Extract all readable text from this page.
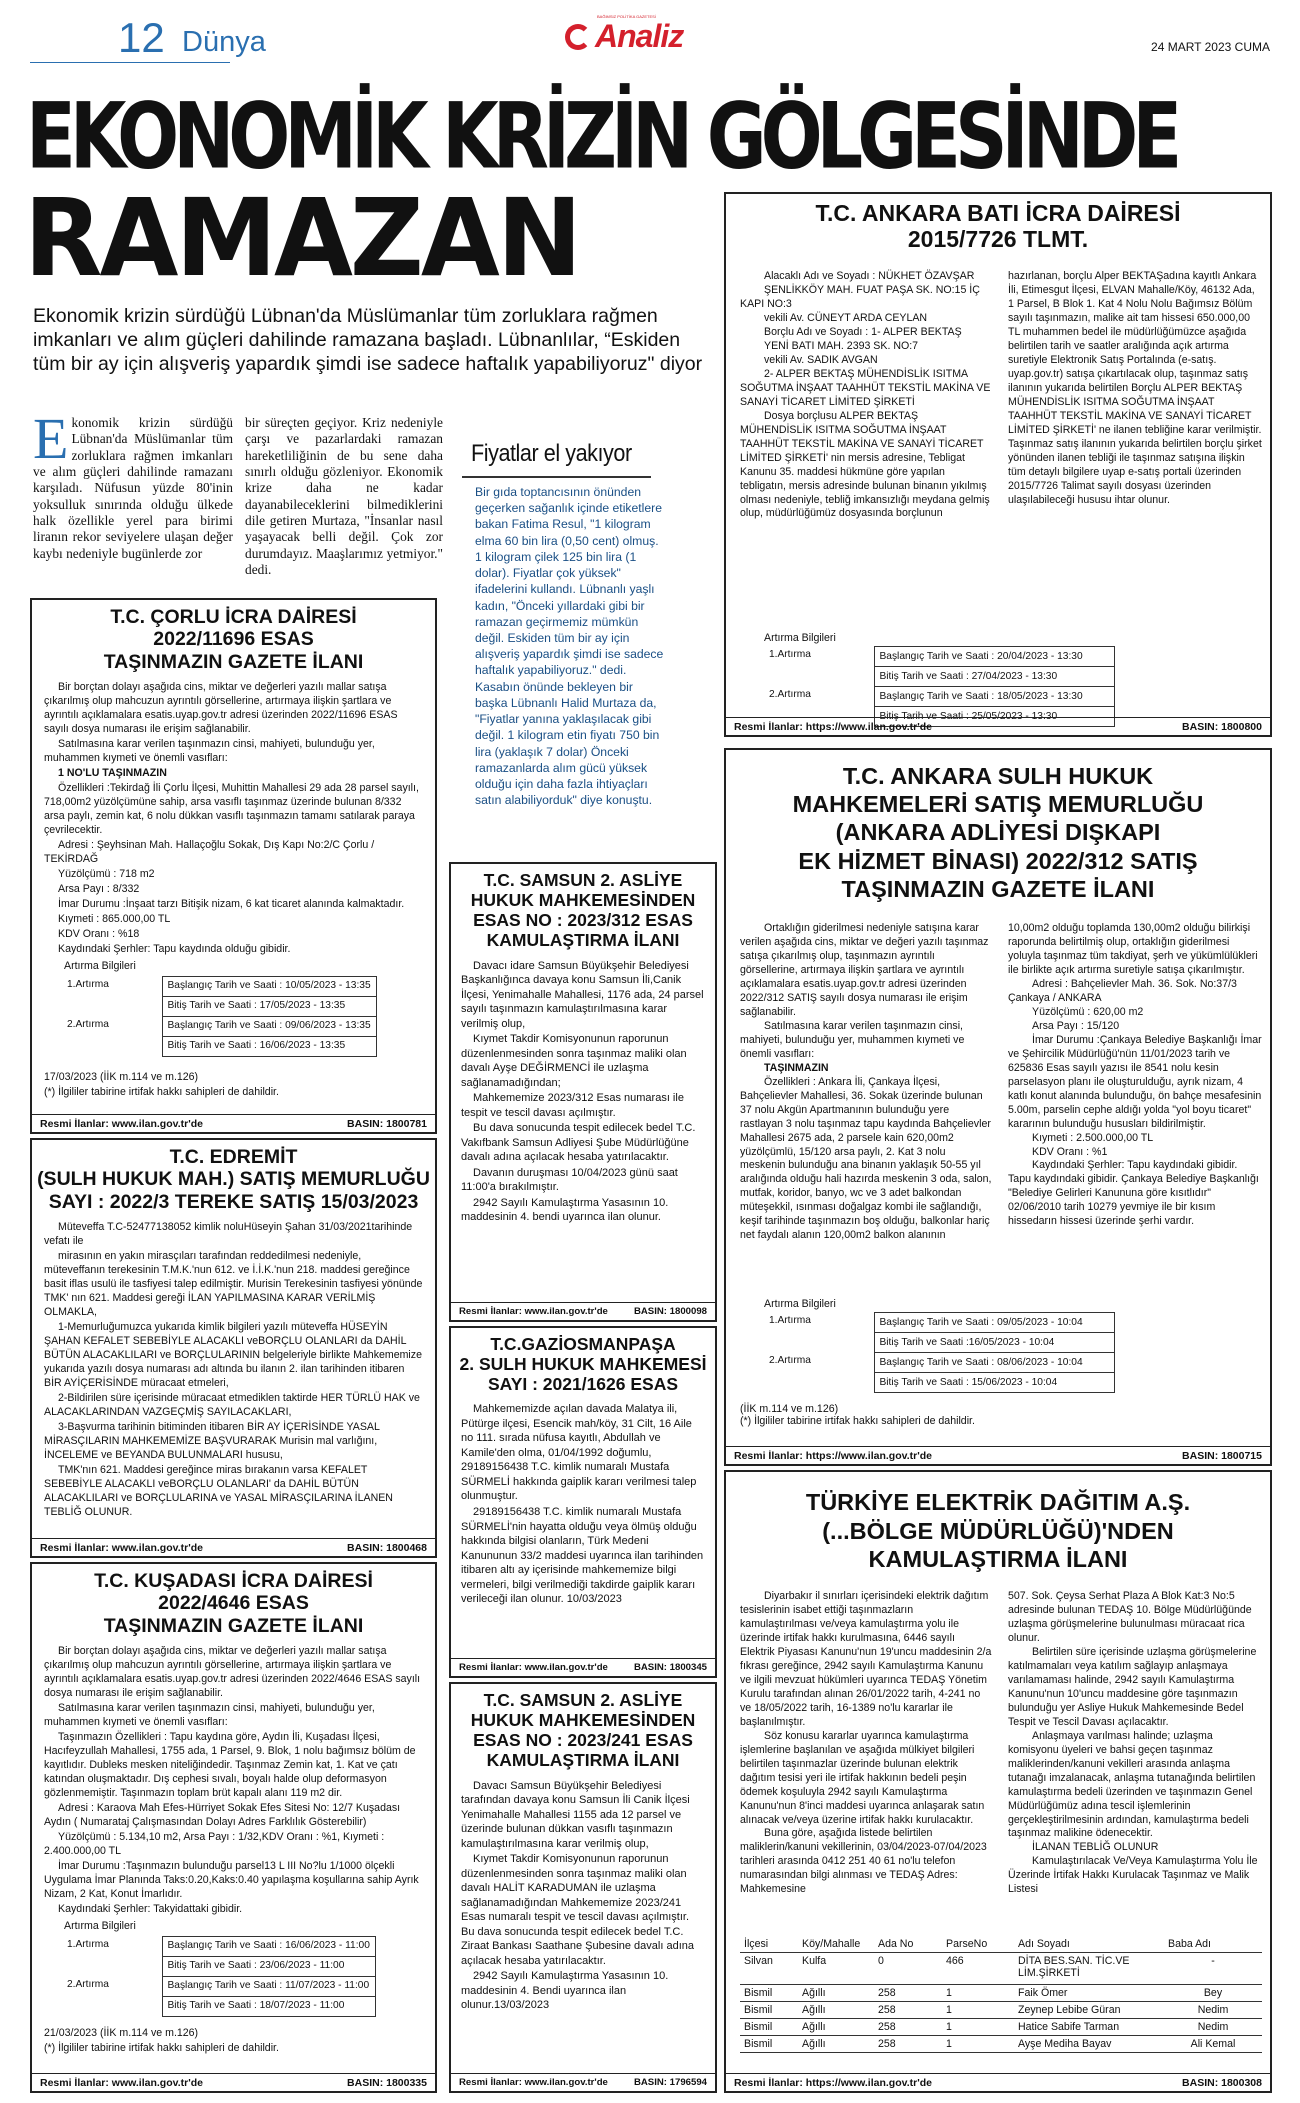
12 Dünya
BAĞIMSIZ POLİTİKA GAZETESİ
Analiz	24 MART 2023 CUMA
EKONOMİK KRİZİN GÖLGESİNDE
RAMAZAN
Ekonomik krizin sürdüğü Lübnan'da Müslümanlar tüm zorluklara rağmen imkanları ve alım güçleri dahilinde ramazana başladı. Lübnanlılar, “Eskiden tüm bir ay için alışveriş yapardık şimdi ise sadece haftalık yapabiliyoruz" diyor
Ekonomik krizin sürdüğü Lübnan'da Müslümanlar tüm zorluklara rağmen imkanları ve alım güçleri dahilinde ramazanı karşıladı. Nüfusun yüzde 80'inin yoksulluk sınırında olduğu ülkede halk özellikle yerel para birimi liranın rekor seviyelere ulaşan değer kaybı nedeniyle bugünlerde zor
bir süreçten geçiyor. Kriz nedeniyle çarşı ve pazarlardaki ramazan hareketliliğinin de bu sene daha sınırlı olduğu gözleniyor. Ekonomik krize daha ne kadar dayanabileceklerini bilmediklerini dile getiren Murtaza, "İnsanlar nasıl yaşayacak belli değil. Çok zor durumdayız. Maaşlarımız yetmiyor." dedi.
Fiyatlar el yakıyor
Bir gıda toptancısının önünden geçerken sağanlık içinde etiketlere bakan Fatima Resul, "1 kilogram elma 60 bin lira (0,50 cent) olmuş. 1 kilogram çilek 125 bin lira (1 dolar). Fiyatlar çok yüksek" ifadelerini kullandı. Lübnanlı yaşlı kadın, "Önceki yıllardaki gibi bir ramazan geçirmemiz mümkün değil. Eskiden tüm bir ay için alışveriş yapardık şimdi ise sadece haftalık yapabiliyoruz." dedi. Kasabın önünde bekleyen bir başka Lübnanlı Halid Murtaza da, "Fiyatlar yanına yaklaşılacak gibi değil. 1 kilogram etin fiyatı 750 bin lira (yaklaşık 7 dolar) Önceki ramazanlarda alım gücü yüksek olduğu için daha fazla ihtiyaçları satın alabiliyorduk" diye konuştu.
T.C. ÇORLU İCRA DAİRESİ
2022/11696 ESAS
TAŞINMAZIN GAZETE İLANI

Bir borçtan dolayı aşağıda cins, miktar ve değerleri yazılı mallar satışa çıkarılmış olup mahcuzun ayrıntılı görsellerine, artırmaya ilişkin şartlara ve ayrıntılı açıklamalara esatis.uyap.gov.tr adresi üzerinden 2022/11696 ESAS sayılı dosya numarası ile erişim sağlanabilir.

Satılmasına karar verilen taşınmazın cinsi, mahiyeti, bulunduğu yer, muhammen kıymeti ve önemli vasıfları:

1 NO'LU TAŞINMAZIN

Özellikleri :Tekirdağ İli Çorlu İlçesi, Muhittin Mahallesi 29 ada 28 parsel sayılı, 718,00m2 yüzölçümüne sahip, arsa vasıflı taşınmaz üzerinde bulunan 8/332 arsa paylı, zemin kat, 6 nolu dükkan vasıflı taşınmazın tamamı satılarak paraya çevrilecektir.

Adresi : Şeyhsinan Mah. Hallaçoğlu Sokak, Dış Kapı No:2/C Çorlu / TEKİRDAĞ

Yüzölçümü : 718 m2

Arsa Payı : 8/332

İmar Durumu :İnşaat tarzı Bitişik nizam, 6 kat ticaret alanında kalmaktadır.

Kıymeti : 865.000,00 TL

KDV Oranı : %18

Kaydındaki Şerhler: Tapu kaydında olduğu gibidir.

Artırma Bilgileri

1.Artırma	Başlangıç Tarih ve Saati : 10/05/2023 - 13:35
	Bitiş Tarih ve Saati : 17/05/2023 - 13:35
2.Artırma	Başlangıç Tarih ve Saati : 09/06/2023 - 13:35
	Bitiş Tarih ve Saati : 16/06/2023 - 13:35

17/03/2023 (İİK m.114 ve m.126)

(*) İlgililer tabirine irtifak hakkı sahipleri de dahildir.

Resmi İlanlar: www.ilan.gov.tr'de	BASIN: 1800781
T.C. EDREMİT
(SULH HUKUK MAH.) SATIŞ MEMURLUĞU
SAYI : 2022/3 TEREKE SATIŞ 15/03/2023

Müteveffa T.C-52477138052 kimlik noluHüseyin Şahan 31/03/2021tarihinde vefatı ile

mirasının en yakın mirasçıları tarafından reddedilmesi nedeniyle, müteveffanın terekesinin T.M.K.'nun 612. ve İ.İ.K.'nun 218. maddesi gereğince basit iflas usulü ile tasfiyesi talep edilmiştir. Murisin Terekesinin tasfiyesi yönünde TMK' nın 621. Maddesi gereği İLAN YAPILMASINA KARAR VERİLMİŞ OLMAKLA,

1-Memurluğumuzca yukarıda kimlik bilgileri yazılı müteveffa HÜSEYİN ŞAHAN KEFALET SEBEBİYLE ALACAKLI veBORÇLU OLANLARI da DAHİL BÜTÜN ALACAKLILARI ve BORÇLULARININ belgeleriyle birlikte Mahkememize yukarıda yazılı dosya numarası adı altında bu ilanın 2. ilan tarihinden itibaren BİR AYİÇERİSİNDE müracaat etmeleri,

2-Bildirilen süre içerisinde müracaat etmediklen taktirde HER TÜRLÜ HAK ve ALACAKLARINDAN VAZGEÇMİŞ SAYILACAKLARI,

3-Başvurma tarihinin bitiminden itibaren BİR AY İÇERİSİNDE YASAL MİRASÇILARIN MAHKEMEMİZE BAŞVURARAK Murisin mal varlığını, İNCELEME ve BEYANDA BULUNMALARI hususu,

TMK'nın 621. Maddesi gereğince miras bırakanın varsa KEFALET SEBEBİYLE ALACAKLI veBORÇLU OLANLARI' da DAHİL BÜTÜN ALACAKLILARI ve BORÇLULARINA ve YASAL MİRASÇILARINA İLANEN TEBLİĞ OLUNUR.

Resmi İlanlar: www.ilan.gov.tr'de	BASIN: 1800468
T.C. KUŞADASI İCRA DAİRESİ
2022/4646 ESAS
TAŞINMAZIN GAZETE İLANI

Bir borçtan dolayı aşağıda cins, miktar ve değerleri yazılı mallar satışa çıkarılmış olup mahcuzun ayrıntılı görsellerine, artırmaya ilişkin şartlara ve ayrıntılı açıklamalara esatis.uyap.gov.tr adresi üzerinden 2022/4646 ESAS sayılı dosya numarası ile erişim sağlanabilir.

Satılmasına karar verilen taşınmazın cinsi, mahiyeti, bulunduğu yer, muhammen kıymeti ve önemli vasıfları:

Taşınmazın Özellikleri : Tapu kaydına göre, Aydın İli, Kuşadası İlçesi, Hacıfeyzullah Mahallesi, 1755 ada, 1 Parsel, 9. Blok, 1 nolu bağımsız bölüm de kayıtlıdır. Dubleks mesken niteliğindedir. Taşınmaz Zemin kat, 1. Kat ve çatı katından oluşmaktadır. Dış cephesi sıvalı, boyalı halde olup deformasyon gözlenmemiştir. Taşınmazın toplam brüt kapalı alanı 119 m2 dir.

Adresi : Karaova Mah Efes-Hürriyet Sokak Efes Sitesi No: 12/7 Kuşadası Aydın ( Numarataj Çalışmasından Dolayı Adres Farklılık Gösterebilir)

Yüzölçümü : 5.134,10 m2, Arsa Payı : 1/32,KDV Oranı : %1, Kıymeti : 2.400.000,00 TL

İmar Durumu :Taşınmazın bulunduğu parsel13 L III No?lu 1/1000 ölçekli Uygulama İmar Planında Taks:0.20,Kaks:0.40 yapılaşma koşullarına sahip Ayrık Nizam, 2 Kat, Konut İmarlıdır.

Kaydındaki Şerhler: Takyidattaki gibidir.

Artırma Bilgileri

1.Artırma	Başlangıç Tarih ve Saati : 16/06/2023 - 11:00
	Bitiş Tarih ve Saati : 23/06/2023 - 11:00
2.Artırma	Başlangıç Tarih ve Saati : 11/07/2023 - 11:00
	Bitiş Tarih ve Saati : 18/07/2023 - 11:00

21/03/2023 (İİK m.114 ve m.126)

(*) İlgililer tabirine irtifak hakkı sahipleri de dahildir.

Resmi İlanlar: www.ilan.gov.tr'de	BASIN: 1800335
T.C. SAMSUN 2. ASLİYE
HUKUK MAHKEMESİNDEN
ESAS NO : 2023/312 ESAS
KAMULAŞTIRMA İLANI

Davacı idare Samsun Büyükşehir Belediyesi Başkanlığınca davaya konu Samsun İli,Canik İlçesi, Yenimahalle Mahallesi, 1176 ada, 24 parsel sayılı taşınmazın kamulaştırılmasına karar verilmiş olup,

Kıymet Takdir Komisyonunun raporunun düzenlenmesinden sonra taşınmaz maliki olan davalı Ayşe DEĞİRMENCİ ile uzlaşma sağlanamadığından;

Mahkememize 2023/312 Esas numarası ile tespit ve tescil davası açılmıştır.

Bu dava sonucunda tespit edilecek bedel T.C. Vakıfbank Samsun Adliyesi Şube Müdürlüğüne davalı adına açılacak hesaba yatırılacaktır.

Davanın duruşması 10/04/2023 günü saat 11:00'a bırakılmıştır.

2942 Sayılı Kamulaştırma Yasasının 10. maddesinin 4. bendi uyarınca ilan olunur.

Resmi İlanlar: www.ilan.gov.tr'de	BASIN: 1800098
T.C.GAZİOSMANPAŞA
2. SULH HUKUK MAHKEMESİ
SAYI : 2021/1626 ESAS

Mahkememizde açılan davada Malatya ili, Pütürge ilçesi, Esencik mah/köy, 31 Cilt, 16 Aile no 111. sırada nüfusa kayıtlı, Abdullah ve Kamile'den olma, 01/04/1992 doğumlu, 29189156438 T.C. kimlik numaralı Mustafa SÜRMELİ hakkında gaiplik kararı verilmesi talep olunmuştur.

29189156438 T.C. kimlik numaralı Mustafa SÜRMELİ'nin hayatta olduğu veya ölmüş olduğu hakkında bilgisi olanların, Türk Medeni Kanununun 33/2 maddesi uyarınca ilan tarihinden itibaren altı ay içerisinde mahkememize bilgi vermeleri, bilgi verilmediği takdirde gaiplik kararı verileceği ilan olunur. 10/03/2023

Resmi İlanlar: www.ilan.gov.tr'de	BASIN: 1800345
T.C. SAMSUN 2. ASLİYE
HUKUK MAHKEMESİNDEN
ESAS NO : 2023/241 ESAS
KAMULAŞTIRMA İLANI

Davacı Samsun Büyükşehir Belediyesi tarafından davaya konu Samsun İli Canik İlçesi Yenimahalle Mahallesi 1155 ada 12 parsel ve üzerinde bulunan dükkan vasıflı taşınmazın kamulaştırılmasına karar verilmiş olup,

Kıymet Takdir Komisyonunun raporunun düzenlenmesinden sonra taşınmaz maliki olan davalı HALİT KARADUMAN ile uzlaşma sağlanamadığından Mahkememize 2023/241 Esas numaralı tespit ve tescil davası açılmıştır. Bu dava sonucunda tespit edilecek bedel T.C. Ziraat Bankası Saathane Şubesine davalı adına açılacak hesaba yatırılacaktır.

2942 Sayılı Kamulaştırma Yasasının 10. maddesinin 4. Bendi uyarınca ilan olunur.13/03/2023

Resmi İlanlar: www.ilan.gov.tr'de	BASIN: 1796594
T.C. ANKARA BATI İCRA DAİRESİ
2015/7726 TLMT.

Alacaklı Adı ve Soyadı : NÜKHET ÖZAVŞAR

ŞENLİKKÖY MAH. FUAT PAŞA SK. NO:15 İÇ KAPI NO:3

vekili Av. CÜNEYT ARDA CEYLAN

Borçlu Adı ve Soyadı : 1- ALPER BEKTAŞ

YENİ BATI MAH. 2393 SK. NO:7

vekili Av. SADIK AVGAN

2- ALPER BEKTAŞ MÜHENDİSLİK ISITMA SOĞUTMA İNŞAAT TAAHHÜT TEKSTİL MAKİNA VE SANAYİ TİCARET LİMİTED ŞİRKETİ

Dosya borçlusu ALPER BEKTAŞ MÜHENDİSLİK ISITMA SOĞUTMA İNŞAAT TAAHHÜT TEKSTİL MAKİNA VE SANAYİ TİCARET LİMİTED ŞİRKETİ' nin mersis adresine, Tebligat Kanunu 35. maddesi hükmüne göre yapılan tebligatın, mersis adresinde bulunan binanın yıkılmış olması nedeniyle, tebliğ imkansızlığı meydana gelmiş olup, müdürlüğümüz dosyasında borçlunun

hazırlanan, borçlu Alper BEKTAŞadına kayıtlı Ankara İli, Etimesgut İlçesi, ELVAN Mahalle/Köy, 46132 Ada, 1 Parsel, B Blok 1. Kat 4 Nolu Nolu Bağımsız Bölüm sayılı taşınmazın, malike ait tam hissesi 650.000,00 TL muhammen bedel ile müdürlüğümüzce aşağıda belirtilen tarih ve saatler aralığında açık artırma suretiyle Elektronik Satış Portalında (e-satış. uyap.gov.tr) satışa çıkartılacak olup, taşınmaz satış ilanının yukarıda belirtilen Borçlu ALPER BEKTAŞ MÜHENDİSLİK ISITMA SOĞUTMA İNŞAAT TAAHHÜT TEKSTİL MAKİNA VE SANAYİ TİCARET LİMİTED ŞİRKETİ' ne ilanen tebliğine karar verilmiştir. Taşınmaz satış ilanının yukarıda belirtilen borçlu şirket yönünden ilanen tebliği ile taşınmaz satışına ilişkin tüm detaylı bilgilere uyap e-satış portali üzerinden 2015/7726 Talimat sayılı dosyası üzerinden ulaşılabileceği hususu ihtar olunur.

Artırma Bilgileri

1.Artırma	Başlangıç Tarih ve Saati : 20/04/2023 - 13:30
	Bitiş Tarih ve Saati : 27/04/2023 - 13:30
2.Artırma	Başlangıç Tarih ve Saati : 18/05/2023 - 13:30
	Bitiş Tarih ve Saati : 25/05/2023 - 13:30
Resmi İlanlar: https://www.ilan.gov.tr'de	BASIN: 1800800
T.C. ANKARA SULH HUKUK
MAHKEMELERİ SATIŞ MEMURLUĞU
(ANKARA ADLİYESİ DIŞKAPI
EK HİZMET BİNASI) 2022/312 SATIŞ
TAŞINMAZIN GAZETE İLANI

Ortaklığın giderilmesi nedeniyle satışına karar verilen aşağıda cins, miktar ve değeri yazılı taşınmaz satışa çıkarılmış olup, taşınmazın ayrıntılı görsellerine, artırmaya ilişkin şartlara ve ayrıntılı açıklamalara esatis.uyap.gov.tr adresi üzerinden 2022/312 SATIŞ sayılı dosya numarası ile erişim sağlanabilir.

Satılmasına karar verilen taşınmazın cinsi, mahiyeti, bulunduğu yer, muhammen kıymeti ve önemli vasıfları:

TAŞINMAZIN

Özellikleri : Ankara İli, Çankaya İlçesi, Bahçelievler Mahallesi, 36. Sokak üzerinde bulunan 37 nolu Akgün Apartmanının bulunduğu yere rastlayan 3 nolu taşınmaz tapu kaydında Bahçelievler Mahallesi 2675 ada, 2 parsele kain 620,00m2 yüzölçümlü, 15/120 arsa paylı, 2. Kat 3 nolu meskenin bulunduğu ana binanın yaklaşık 50-55 yıl aralığında olduğu hali hazırda meskenin 3 oda, salon, mutfak, koridor, banyo, wc ve 3 adet balkondan müteşekkil, ısınması doğalgaz kombi ile sağlandığı, keşif tarihinde taşınmazın boş olduğu, balkonlar hariç net faydalı alanın 120,00m2 balkon alanının

10,00m2 olduğu toplamda 130,00m2 olduğu bilirkişi raporunda belirtilmiş olup, ortaklığın giderilmesi yoluyla taşınmaz tüm takdiyat, şerh ve yükümlülükleri ile birlikte açık artırma suretiyle satışa çıkarılmıştır.

Adresi : Bahçelievler Mah. 36. Sok. No:37/3 Çankaya / ANKARA

Yüzölçümü : 620,00 m2

Arsa Payı : 15/120

İmar Durumu :Çankaya Belediye Başkanlığı İmar ve Şehircilik Müdürlüğü'nün 11/01/2023 tarih ve 625836 Esas sayılı yazısı ile 8541 nolu kesin parselasyon planı ile oluşturulduğu, ayrık nizam, 4 katlı konut alanında bulunduğu, ön bahçe mesafesinin 5.00m, parselin cephe aldığı yolda "yol boyu ticaret" kararının bulunduğu hususları bildirilmiştir.

Kıymeti : 2.500.000,00 TL

KDV Oranı : %1

Kaydındaki Şerhler: Tapu kaydındaki gibidir. Tapu kaydındaki gibidir. Çankaya Belediye Başkanlığı "Belediye Gelirleri Kanununa göre kısıtlıdır" 02/06/2010 tarih 10279 yevmiye ile bir kısım hissedarın hissesi üzerinde şerhi vardır.

Artırma Bilgileri

1.Artırma	Başlangıç Tarih ve Saati : 09/05/2023 - 10:04
	Bitiş Tarih ve Saati :16/05/2023 - 10:04
2.Artırma	Başlangıç Tarih ve Saati : 08/06/2023 - 10:04
	Bitiş Tarih ve Saati : 15/06/2023 - 10:04

(İİK m.114 ve m.126)

(*) İlgililer tabirine irtifak hakkı sahipleri de dahildir.

Resmi İlanlar: https://www.ilan.gov.tr'de	BASIN: 1800715
TÜRKİYE ELEKTRİK DAĞITIM A.Ş.
(...BÖLGE MÜDÜRLÜĞÜ)'NDEN
KAMULAŞTIRMA İLANI

Diyarbakır il sınırları içerisindeki elektrik dağıtım tesislerinin isabet ettiği taşınmazların kamulaştırılması ve/veya kamulaştırma yolu ile üzerinde irtifak hakkı kurulmasına, 6446 sayılı Elektrik Piyasası Kanunu'nun 19'uncu maddesinin 2/a fıkrası gereğince, 2942 sayılı Kamulaştırma Kanunu ve ilgili mevzuat hükümleri uyarınca TEDAŞ Yönetim Kurulu tarafından alınan 26/01/2022 tarih, 4-241 no ve 18/05/2022 tarih, 16-1389 no'lu kararlar ile başlanılmıştır.

Söz konusu kararlar uyarınca kamulaştırma işlemlerine başlanılan ve aşağıda mülkiyet bilgileri belirtilen taşınmazlar üzerinde bulunan elektrik dağıtım tesisi yeri ile irtifak hakkının bedeli peşin ödemek koşuluyla 2942 sayılı Kamulaştırma Kanunu'nun 8'inci maddesi uyarınca anlaşarak satın alınacak ve/veya üzerine irtifak hakkı kurulacaktır.

Buna göre, aşağıda listede belirtilen maliklerin/kanuni vekillerinin, 03/04/2023-07/04/2023 tarihleri arasında 0412 251 40 61 no'lu telefon numarasından bilgi alınması ve TEDAŞ Adres: Mahkemesine

507. Sok. Çeysa Serhat Plaza A Blok Kat:3 No:5 adresinde bulunan TEDAŞ 10. Bölge Müdürlüğünde uzlaşma görüşmelerine bulunulması müracaat rica olunur.

Belirtilen süre içerisinde uzlaşma görüşmelerine katılmamaları veya katılım sağlayıp anlaşmaya varılamaması halinde, 2942 sayılı Kamulaştırma Kanunu'nun 10'uncu maddesine göre taşınmazın bulunduğu yer Asliye Hukuk Mahkemesinde Bedel Tespit ve Tescil Davası açılacaktır.

Anlaşmaya varılması halinde; uzlaşma komisyonu üyeleri ve bahsi geçen taşınmaz maliklerinden/kanuni vekilleri arasında anlaşma tutanağı imzalanacak, anlaşma tutanağında belirtilen kamulaştırma bedeli üzerinden ve taşınmazın Genel Müdürlüğümüz adına tescil işlemlerinin gerçekleştirilmesinin ardından, kamulaştırma bedeli taşınmaz malikine ödenecektir.

İLANAN TEBLİĞ OLUNUR

Kamulaştırılacak Ve/Veya Kamulaştırma Yolu İle Üzerinde İrtifak Hakkı Kurulacak Taşınmaz ve Malik Listesi

İlçesi	Köy/Mahalle	Ada No	ParseNo	Adı Soyadı	Baba Adı
Silvan	Kulfa	0	466	DİTA BES.SAN. TİC.VE LİM.ŞİRKETİ	-
Bismil	Ağıllı	258	1	Faik Ömer	Bey
Bismil	Ağıllı	258	1	Zeynep Lebibe Güran	Nedim
Bismil	Ağıllı	258	1	Hatice Sabife Tarman	Nedim
Bismil	Ağıllı	258	1	Ayşe Mediha Bayav	Ali Kemal
Resmi İlanlar: https://www.ilan.gov.tr'de	BASIN: 1800308
